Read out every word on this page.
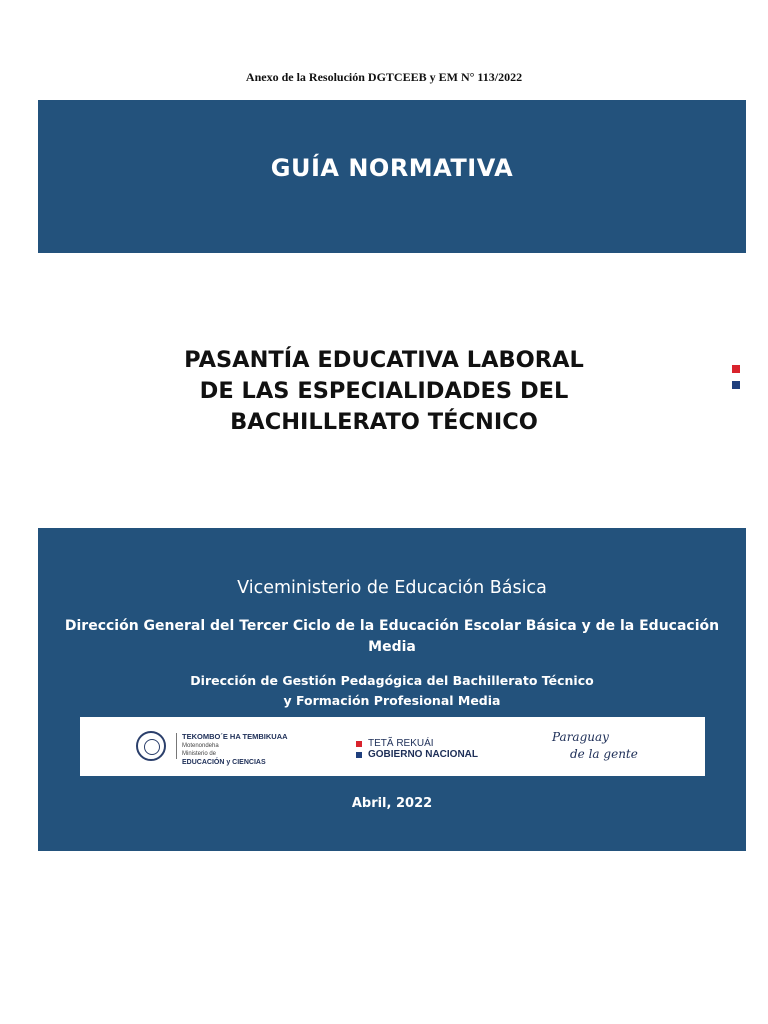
Anexo de la Resolución DGTCEEB y EM N° 113/2022
GUÍA NORMATIVA
PASANTÍA EDUCATIVA LABORAL
DE LAS ESPECIALIDADES DEL
BACHILLERATO TÉCNICO
Viceministerio de Educación Básica
Dirección General del Tercer Ciclo de la Educación Escolar Básica y de la Educación Media
Dirección de Gestión Pedagógica del Bachillerato Técnico
y Formación Profesional Media
TEKOMBO´E HA TEMBIKUAA
Motenondeha
Ministerio de
EDUCACIÓN y CIENCIAS
TETÃ REKUÁI
GOBIERNO NACIONAL
Paraguay
de la gente
Abril, 2022
